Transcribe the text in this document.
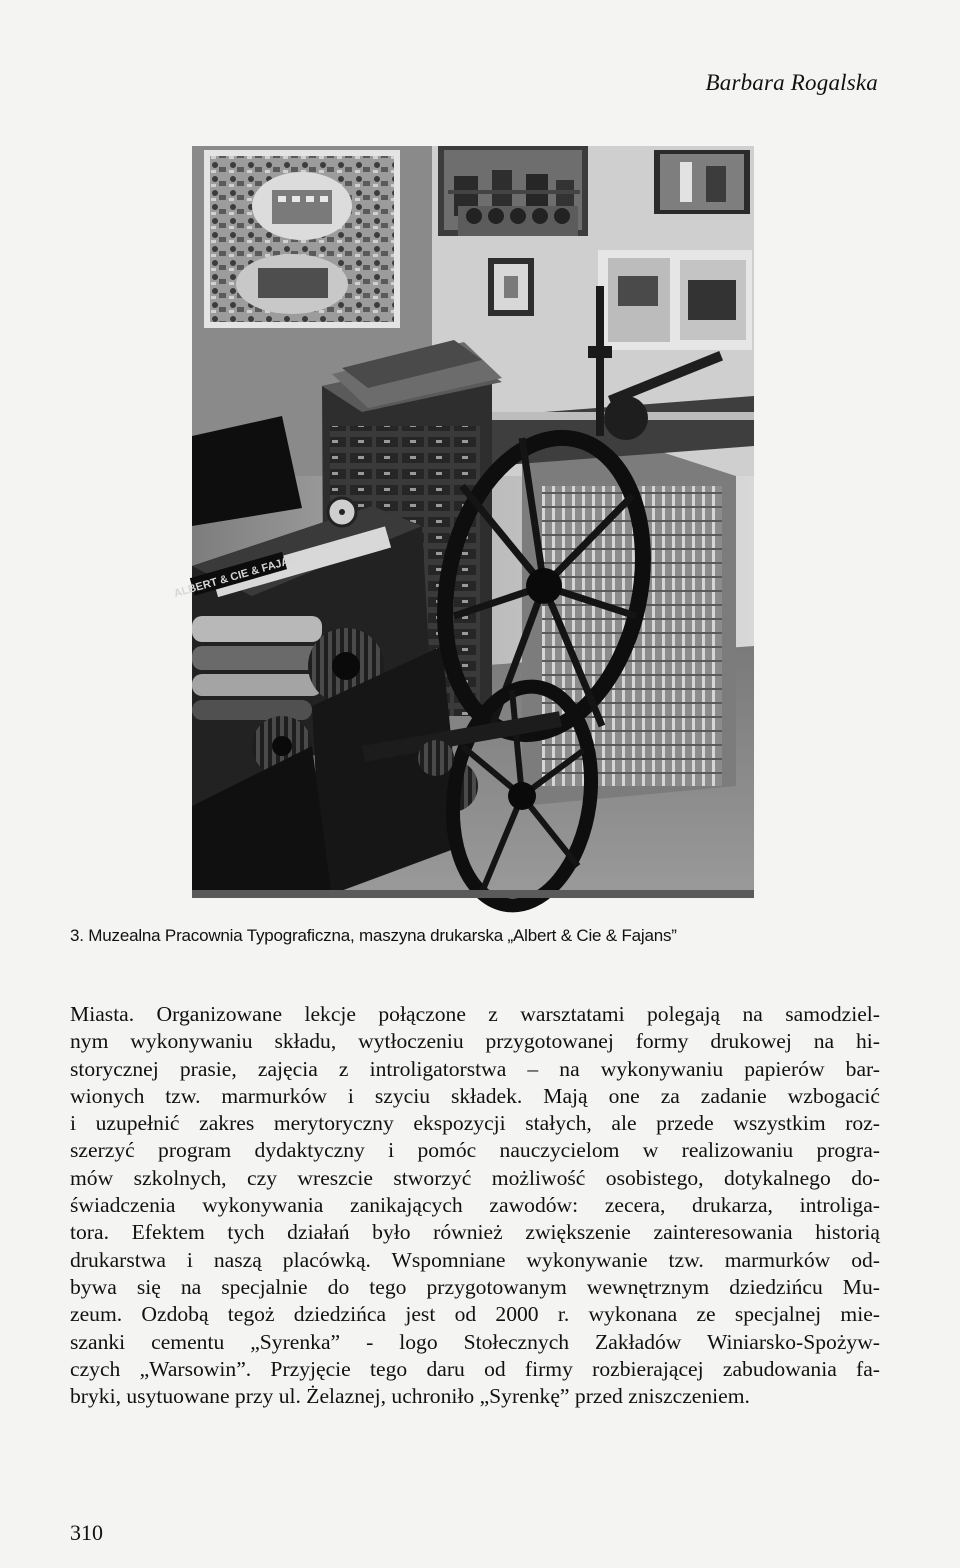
Barbara Rogalska
ALBERT & CIE & FAJANS
3. Muzealna Pracownia Typograficzna, maszyna drukarska „Albert & Cie & Fajans”
Miasta. Organizowane lekcje połączone z warsztatami polegają na samodziel-
nym wykonywaniu składu, wytłoczeniu przygotowanej formy drukowej na hi-
storycznej prasie, zajęcia z introligatorstwa – na wykonywaniu papierów bar-
wionych tzw. marmurków i szyciu składek. Mają one za zadanie wzbogacić
i uzupełnić zakres merytoryczny ekspozycji stałych, ale przede wszystkim roz-
szerzyć program dydaktyczny i pomóc nauczycielom w realizowaniu progra-
mów szkolnych, czy wreszcie stworzyć możliwość osobistego, dotykalnego do-
świadczenia wykonywania zanikających zawodów: zecera, drukarza, introliga-
tora. Efektem tych działań było również zwiększenie zainteresowania historią
drukarstwa i naszą placówką. Wspomniane wykonywanie tzw. marmurków od-
bywa się na specjalnie do tego przygotowanym wewnętrznym dziedzińcu Mu-
zeum. Ozdobą tegoż dziedzińca jest od 2000 r. wykonana ze specjalnej mie-
szanki cementu „Syrenka” - logo Stołecznych Zakładów Winiarsko-Spożyw-
czych „Warsowin”. Przyjęcie tego daru od firmy rozbierającej zabudowania fa-
bryki, usytuowane przy ul. Żelaznej, uchroniło „Syrenkę” przed zniszczeniem.
310
